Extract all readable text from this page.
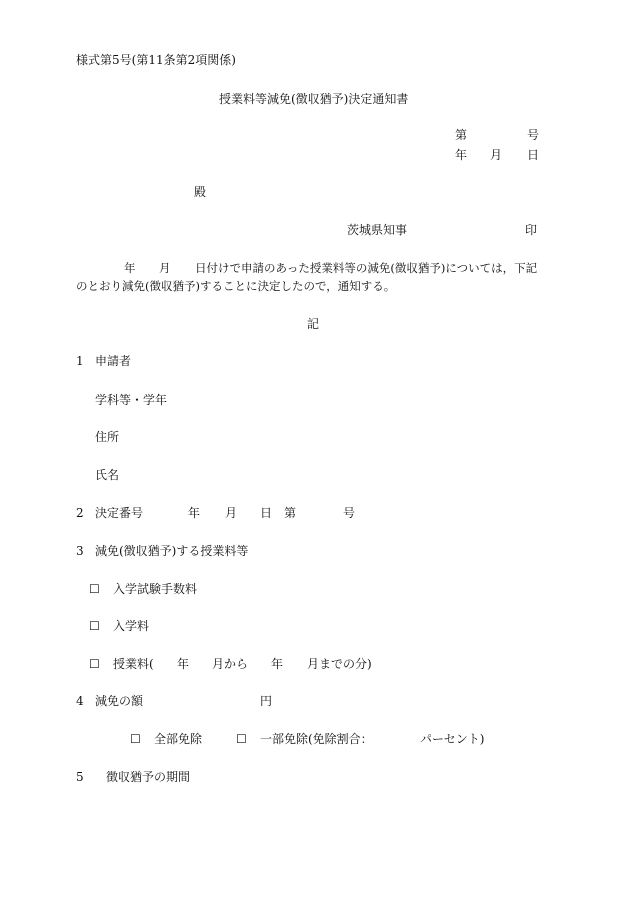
様式第5号(第11条第2項関係)
授業料等減免(徴収猶予)決定通知書
第	号
年 月 日
殿
茨城県知事	印
年 月 日付けで申請のあった授業料等の減免(徴収猶予)については，下記
のとおり減免(徴収猶予)することに決定したので，通知する。
記
1 申請者
学科等・学年
住所
氏名
2 決定番号	年 月 日 第	号
3 減免(徴収猶予)する授業料等
☐ 入学試験手数料
☐ 入学料
☐ 授業料( 年 月から 年 月までの分)
4 減免の額	円
☐ 全部免除	☐ 一部免除(免除割合：	パーセント)
5 徴収猶予の期間
